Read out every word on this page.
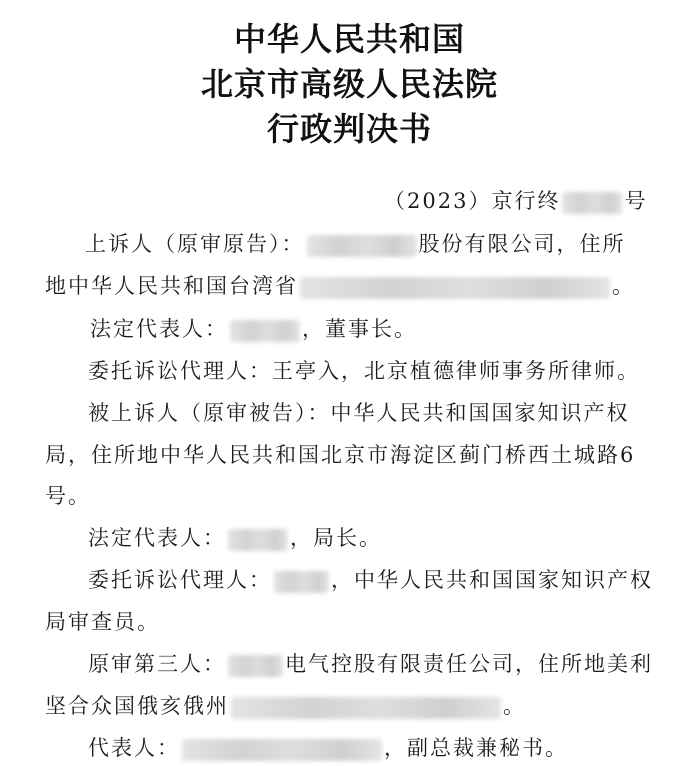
中华人民共和国
北京市高级人民法院
行政判决书
（2023）京行终	号
上诉人（原审原告）：	股份有限公司，住所
地中华人民共和国台湾省	。
法定代表人：	，董事长。
委托诉讼代理人：王亭入，北京植德律师事务所律师。
被上诉人（原审被告）：中华人民共和国国家知识产权
局，住所地中华人民共和国北京市海淀区蓟门桥西土城路6
号。
法定代表人：	，局长。
委托诉讼代理人：	，中华人民共和国国家知识产权
局审查员。
原审第三人：	电气控股有限责任公司，住所地美利
坚合众国俄亥俄州	。
代表人：	，副总裁兼秘书。
